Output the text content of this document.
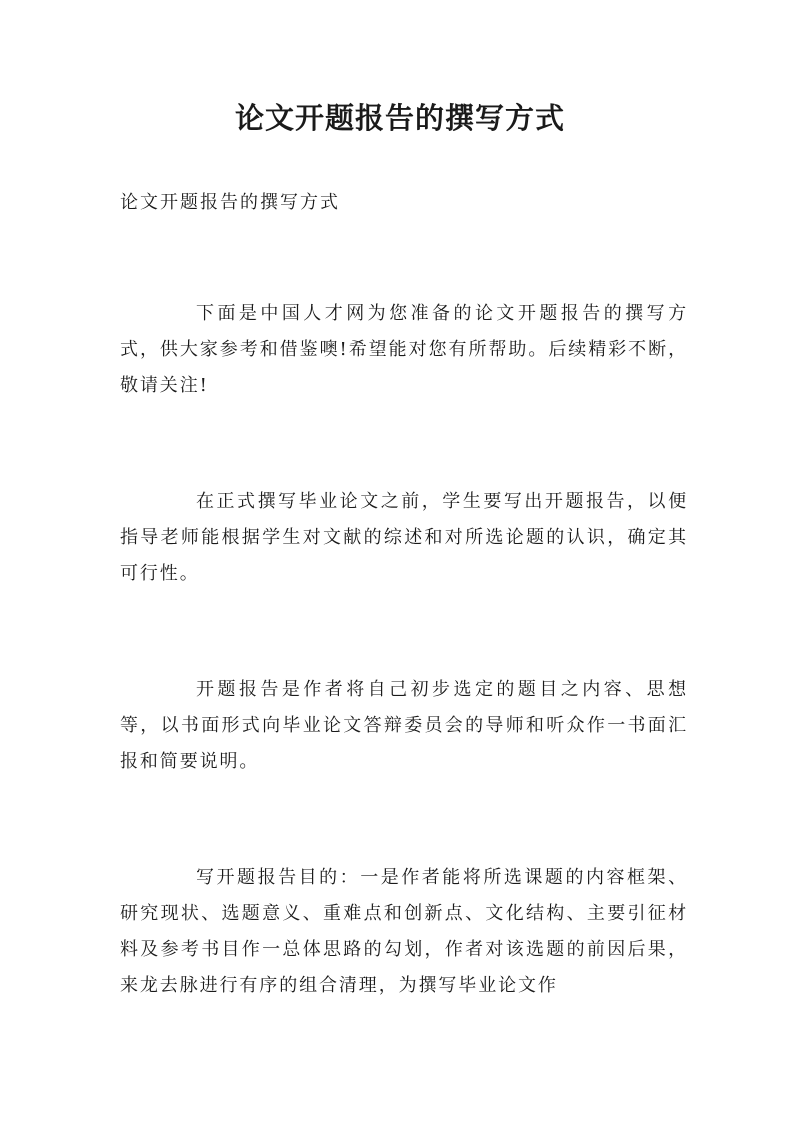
论文开题报告的撰写方式

论文开题报告的撰写方式

下面是中国人才网为您准备的论文开题报告的撰写方式，供大家参考和借鉴噢!希望能对您有所帮助。后续精彩不断，敬请关注!

在正式撰写毕业论文之前，学生要写出开题报告，以便指导老师能根据学生对文献的综述和对所选论题的认识，确定其可行性。

开题报告是作者将自己初步选定的题目之内容、思想等，以书面形式向毕业论文答辩委员会的导师和听众作一书面汇报和简要说明。

写开题报告目的：一是作者能将所选课题的内容框架、研究现状、选题意义、重难点和创新点、文化结构、主要引征材料及参考书目作一总体思路的勾划，作者对该选题的前因后果，来龙去脉进行有序的组合清理，为撰写毕业论文作
